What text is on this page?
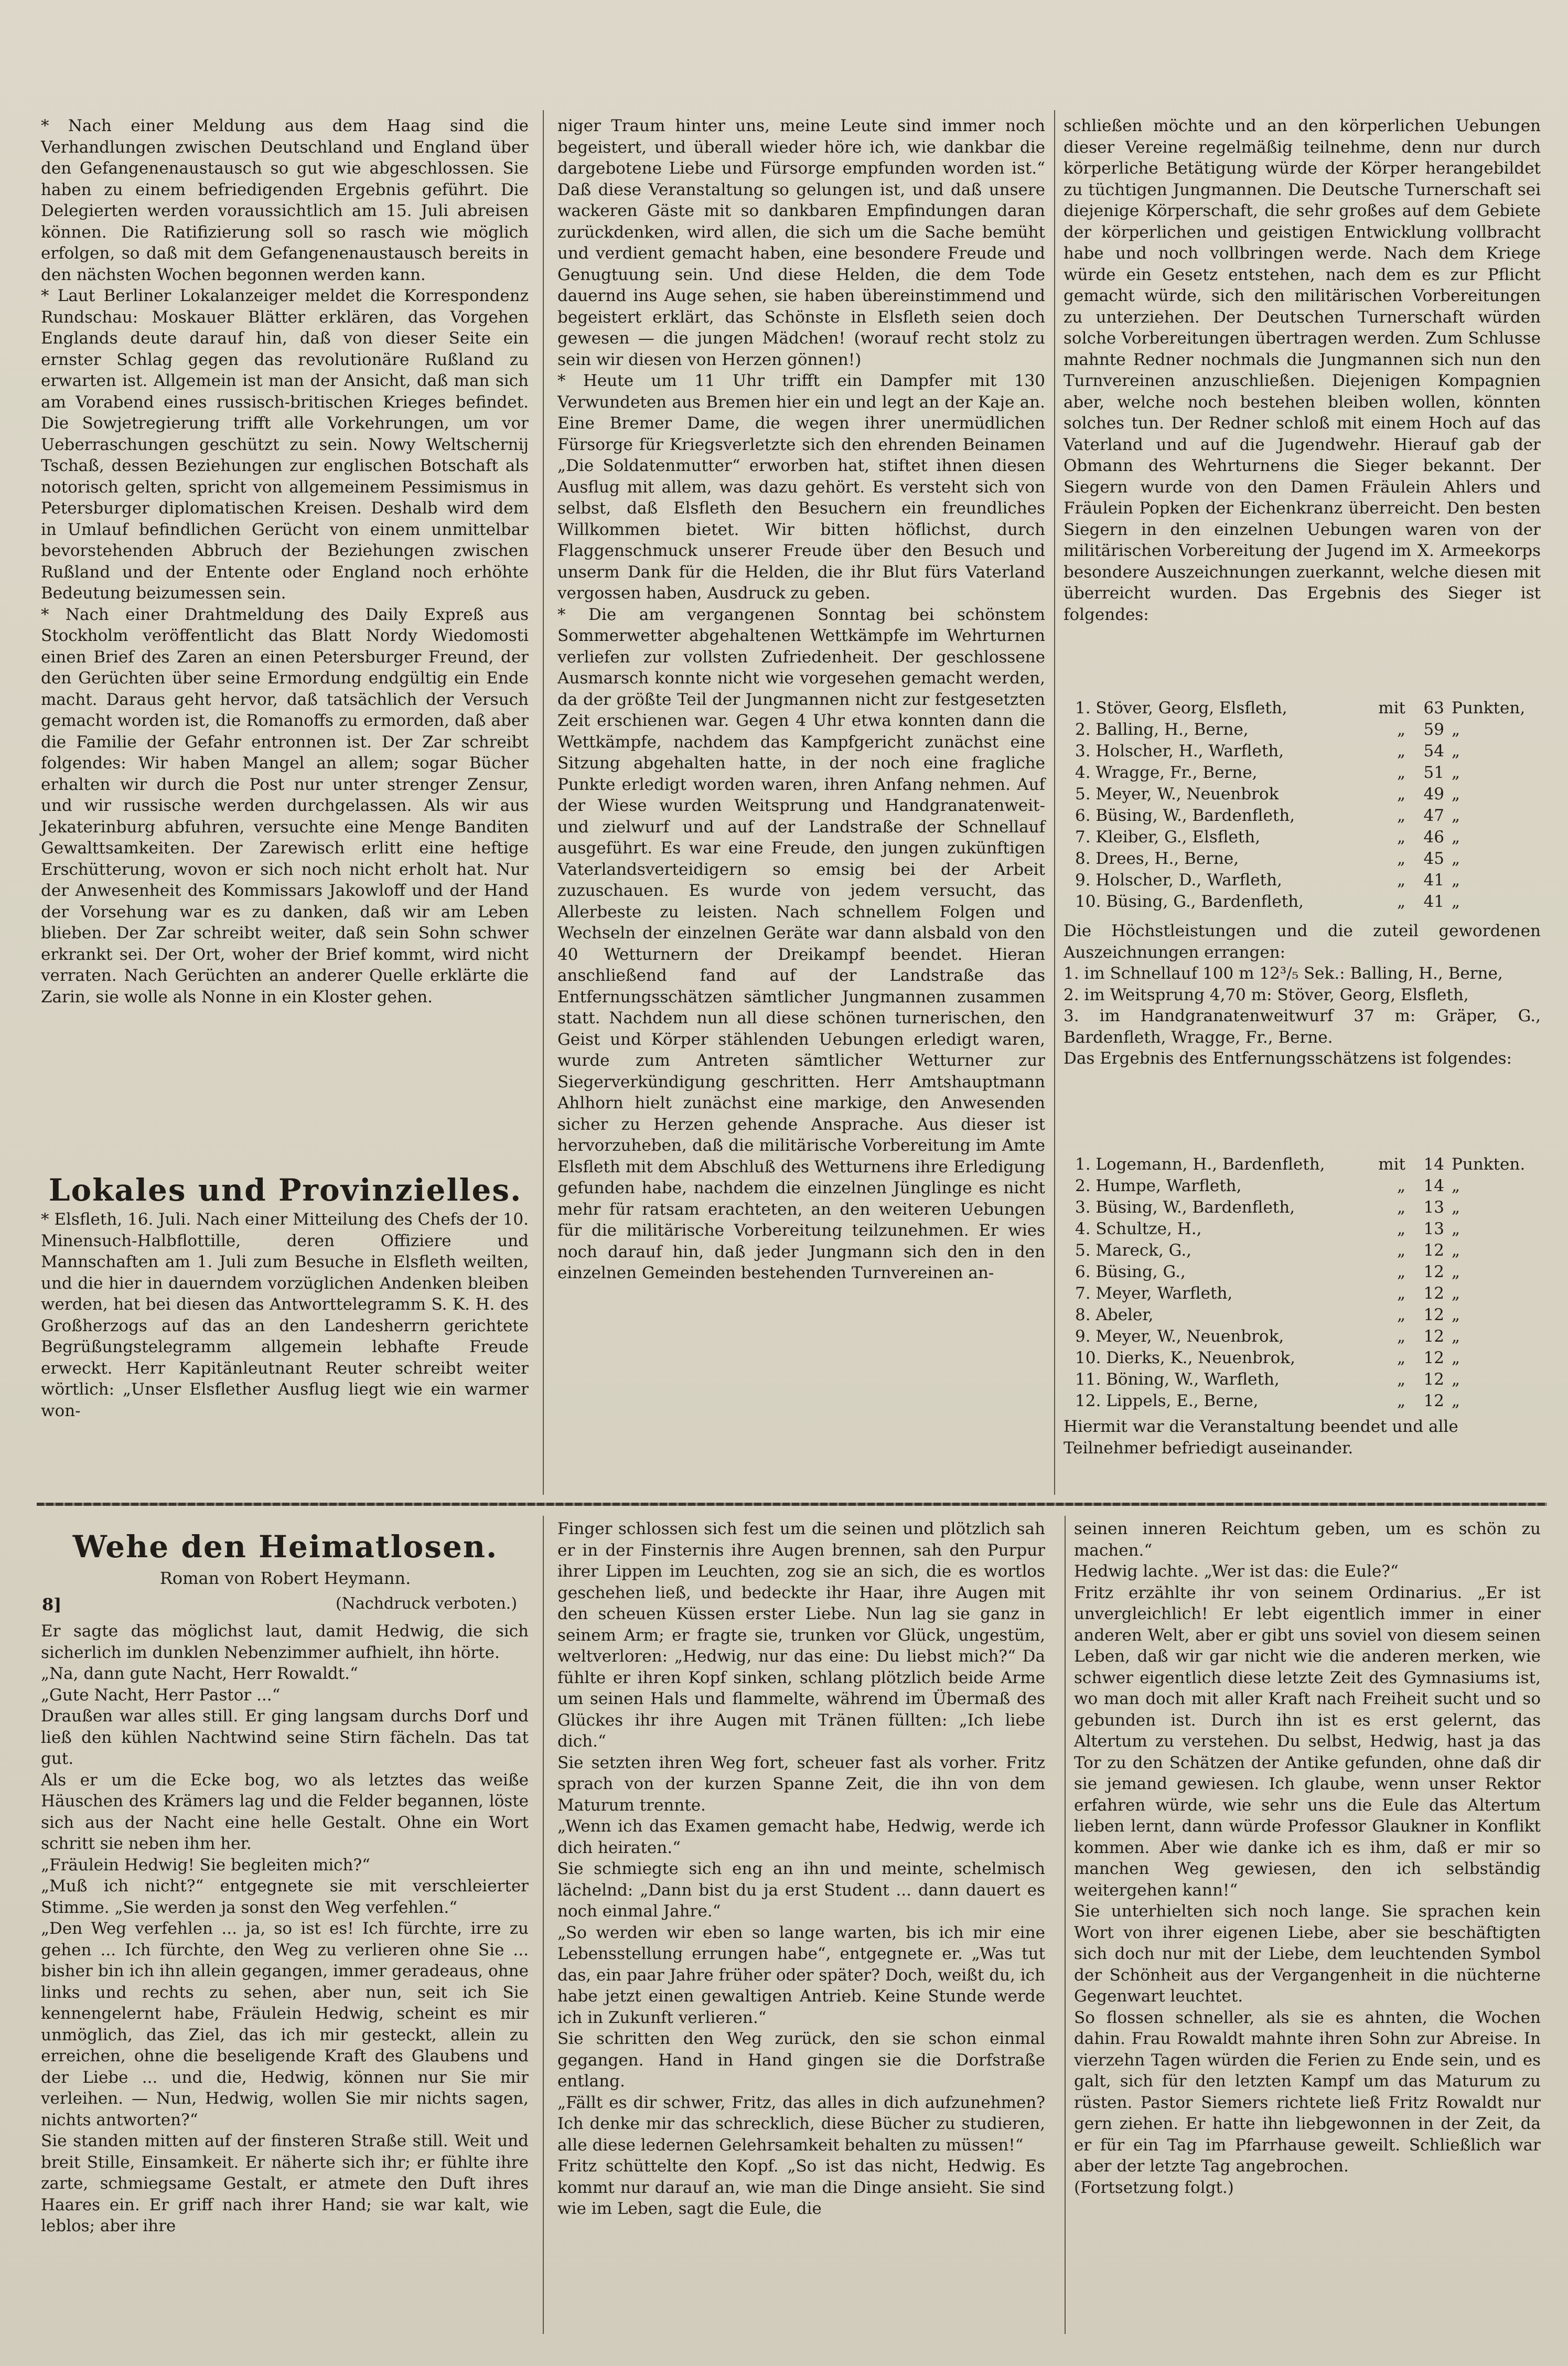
* Nach einer Meldung aus dem Haag sind die Verhandlungen zwischen Deutschland und England über den Gefangenenaustausch so gut wie abgeschlossen. Sie haben zu einem befriedigenden Ergebnis geführt. Die Delegierten werden voraussichtlich am 15. Juli abreisen können. Die Ratifizierung soll so rasch wie möglich erfolgen, so daß mit dem Gefangenenaustausch bereits in den nächsten Wochen begonnen werden kann.

* Laut Berliner Lokalanzeiger meldet die Korrespondenz Rundschau: Moskauer Blätter erklären, das Vorgehen Englands deute darauf hin, daß von dieser Seite ein ernster Schlag gegen das revolutionäre Rußland zu erwarten ist. Allgemein ist man der Ansicht, daß man sich am Vorabend eines russisch-britischen Krieges befindet. Die Sowjetregierung trifft alle Vorkehrungen, um vor Ueberraschungen geschützt zu sein. Nowy Weltschernij Tschaß, dessen Beziehungen zur englischen Botschaft als notorisch gelten, spricht von allgemeinem Pessimismus in Petersburger diplomatischen Kreisen. Deshalb wird dem in Umlauf befindlichen Gerücht von einem unmittelbar bevorstehenden Abbruch der Beziehungen zwischen Rußland und der Entente oder England noch erhöhte Bedeutung beizumessen sein.

* Nach einer Drahtmeldung des Daily Expreß aus Stockholm veröffentlicht das Blatt Nordy Wiedomosti einen Brief des Zaren an einen Petersburger Freund, der den Gerüchten über seine Ermordung endgültig ein Ende macht. Daraus geht hervor, daß tatsächlich der Versuch gemacht worden ist, die Romanoffs zu ermorden, daß aber die Familie der Gefahr entronnen ist. Der Zar schreibt folgendes: Wir haben Mangel an allem; sogar Bücher erhalten wir durch die Post nur unter strenger Zensur, und wir russische werden durchgelassen. Als wir aus Jekaterinburg abfuhren, versuchte eine Menge Banditen Gewalttsamkeiten. Der Zarewisch erlitt eine heftige Erschütterung, wovon er sich noch nicht erholt hat. Nur der Anwesenheit des Kommissars Jakowloff und der Hand der Vorsehung war es zu danken, daß wir am Leben blieben. Der Zar schreibt weiter, daß sein Sohn schwer erkrankt sei. Der Ort, woher der Brief kommt, wird nicht verraten. Nach Gerüchten an anderer Quelle erklärte die Zarin, sie wolle als Nonne in ein Kloster gehen.

Lokales und Provinzielles.

* Elsfleth, 16. Juli. Nach einer Mitteilung des Chefs der 10. Minensuch-Halbflottille, deren Offiziere und Mannschaften am 1. Juli zum Besuche in Elsfleth weilten, und die hier in dauerndem vorzüglichen Andenken bleiben werden, hat bei diesen das Antworttelegramm S. K. H. des Großherzogs auf das an den Landesherrn gerichtete Begrüßungstelegramm allgemein lebhafte Freude erweckt. Herr Kapitänleutnant Reuter schreibt weiter wörtlich: „Unser Elsflether Ausflug liegt wie ein warmer won-

niger Traum hinter uns, meine Leute sind immer noch begeistert, und überall wieder höre ich, wie dankbar die dargebotene Liebe und Fürsorge empfunden worden ist.“ Daß diese Veranstaltung so gelungen ist, und daß unsere wackeren Gäste mit so dankbaren Empfindungen daran zurückdenken, wird allen, die sich um die Sache bemüht und verdient gemacht haben, eine besondere Freude und Genugtuung sein. Und diese Helden, die dem Tode dauernd ins Auge sehen, sie haben übereinstimmend und begeistert erklärt, das Schönste in Elsfleth seien doch gewesen — die jungen Mädchen! (worauf recht stolz zu sein wir diesen von Herzen gönnen!)

* Heute um 11 Uhr trifft ein Dampfer mit 130 Verwundeten aus Bremen hier ein und legt an der Kaje an. Eine Bremer Dame, die wegen ihrer unermüdlichen Fürsorge für Kriegsverletzte sich den ehrenden Beinamen „Die Soldatenmutter“ erworben hat, stiftet ihnen diesen Ausflug mit allem, was dazu gehört. Es versteht sich von selbst, daß Elsfleth den Besuchern ein freundliches Willkommen bietet. Wir bitten höflichst, durch Flaggenschmuck unserer Freude über den Besuch und unserm Dank für die Helden, die ihr Blut fürs Vaterland vergossen haben, Ausdruck zu geben.

* Die am vergangenen Sonntag bei schönstem Sommerwetter abgehaltenen Wettkämpfe im Wehrturnen verliefen zur vollsten Zufriedenheit. Der geschlossene Ausmarsch konnte nicht wie vorgesehen gemacht werden, da der größte Teil der Jungmannen nicht zur festgesetzten Zeit erschienen war. Gegen 4 Uhr etwa konnten dann die Wettkämpfe, nachdem das Kampfgericht zunächst eine Sitzung abgehalten hatte, in der noch eine fragliche Punkte erledigt worden waren, ihren Anfang nehmen. Auf der Wiese wurden Weitsprung und Handgranatenweit- und zielwurf und auf der Landstraße der Schnellauf ausgeführt. Es war eine Freude, den jungen zukünftigen Vaterlandsverteidigern so emsig bei der Arbeit zuzuschauen. Es wurde von jedem versucht, das Allerbeste zu leisten. Nach schnellem Folgen und Wechseln der einzelnen Geräte war dann alsbald von den 40 Wetturnern der Dreikampf beendet. Hieran anschließend fand auf der Landstraße das Entfernungsschätzen sämtlicher Jungmannen zusammen statt. Nachdem nun all diese schönen turnerischen, den Geist und Körper stählenden Uebungen erledigt waren, wurde zum Antreten sämtlicher Wetturner zur Siegerverkündigung geschritten. Herr Amtshauptmann Ahlhorn hielt zunächst eine markige, den Anwesenden sicher zu Herzen gehende Ansprache. Aus dieser ist hervorzuheben, daß die militärische Vorbereitung im Amte Elsfleth mit dem Abschluß des Wetturnens ihre Erledigung gefunden habe, nachdem die einzelnen Jünglinge es nicht mehr für ratsam erachteten, an den weiteren Uebungen für die militärische Vorbereitung teilzunehmen. Er wies noch darauf hin, daß jeder Jungmann sich den in den einzelnen Gemeinden bestehenden Turnvereinen an-

schließen möchte und an den körperlichen Uebungen dieser Vereine regelmäßig teilnehme, denn nur durch körperliche Betätigung würde der Körper herangebildet zu tüchtigen Jungmannen. Die Deutsche Turnerschaft sei diejenige Körperschaft, die sehr großes auf dem Gebiete der körperlichen und geistigen Entwicklung vollbracht habe und noch vollbringen werde. Nach dem Kriege würde ein Gesetz entstehen, nach dem es zur Pflicht gemacht würde, sich den militärischen Vorbereitungen zu unterziehen. Der Deutschen Turnerschaft würden solche Vorbereitungen übertragen werden. Zum Schlusse mahnte Redner nochmals die Jungmannen sich nun den Turnvereinen anzuschließen. Diejenigen Kompagnien aber, welche noch bestehen bleiben wollen, könnten solches tun. Der Redner schloß mit einem Hoch auf das Vaterland und auf die Jugendwehr. Hierauf gab der Obmann des Wehrturnens die Sieger bekannt. Der Siegern wurde von den Damen Fräulein Ahlers und Fräulein Popken der Eichenkranz überreicht. Den besten Siegern in den einzelnen Uebungen waren von der militärischen Vorbereitung der Jugend im X. Armeekorps besondere Auszeichnungen zuerkannt, welche diesen mit überreicht wurden. Das Ergebnis des Sieger ist folgendes:

1. Stöver, Georg, Elsfleth,	mit	63 Punkten,
2. Balling, H., Berne,	„	59 „
3. Holscher, H., Warfleth,	„	54 „
4. Wragge, Fr., Berne,	„	51 „
5. Meyer, W., Neuenbrok	„	49 „
6. Büsing, W., Bardenfleth,	„	47 „
7. Kleiber, G., Elsfleth,	„	46 „
8. Drees, H., Berne,	„	45 „
9. Holscher, D., Warfleth,	„	41 „
10. Büsing, G., Bardenfleth,	„	41 „

Die Höchstleistungen und die zuteil gewordenen Auszeichnungen errangen:

1. im Schnellauf 100 m 12³/₅ Sek.: Balling, H., Berne,

2. im Weitsprung 4,70 m: Stöver, Georg, Elsfleth,

3. im Handgranatenweitwurf 37 m: Gräper, G., Bardenfleth, Wragge, Fr., Berne.

Das Ergebnis des Entfernungsschätzens ist folgendes:

1. Logemann, H., Bardenfleth,	mit	14 Punkten.
2. Humpe, Warfleth,	„	14 „
3. Büsing, W., Bardenfleth,	„	13 „
4. Schultze, H.,	„	13 „
5. Mareck, G.,	„	12 „
6. Büsing, G.,	„	12 „
7. Meyer, Warfleth,	„	12 „
8. Abeler,	„	12 „
9. Meyer, W., Neuenbrok,	„	12 „
10. Dierks, K., Neuenbrok,	„	12 „
11. Böning, W., Warfleth,	„	12 „
12. Lippels, E., Berne,	„	12 „
Hiermit war die Veranstaltung beendet und alle Teilnehmer befriedigt auseinander.
Wehe den Heimatlosen.
Roman von Robert Heymann.
8]	(Nachdruck verboten.)

Er sagte das möglichst laut, damit Hedwig, die sich sicherlich im dunklen Nebenzimmer aufhielt, ihn hörte.

„Na, dann gute Nacht, Herr Rowaldt.“

„Gute Nacht, Herr Pastor ...“

Draußen war alles still. Er ging langsam durchs Dorf und ließ den kühlen Nachtwind seine Stirn fächeln. Das tat gut.

Als er um die Ecke bog, wo als letztes das weiße Häuschen des Krämers lag und die Felder begannen, löste sich aus der Nacht eine helle Gestalt. Ohne ein Wort schritt sie neben ihm her.

„Fräulein Hedwig! Sie begleiten mich?“

„Muß ich nicht?“ entgegnete sie mit verschleierter Stimme. „Sie werden ja sonst den Weg verfehlen.“

„Den Weg verfehlen ... ja, so ist es! Ich fürchte, irre zu gehen ... Ich fürchte, den Weg zu verlieren ohne Sie ... bisher bin ich ihn allein gegangen, immer geradeaus, ohne links und rechts zu sehen, aber nun, seit ich Sie kennengelernt habe, Fräulein Hedwig, scheint es mir unmöglich, das Ziel, das ich mir gesteckt, allein zu erreichen, ohne die beseligende Kraft des Glaubens und der Liebe ... und die, Hedwig, können nur Sie mir verleihen. — Nun, Hedwig, wollen Sie mir nichts sagen, nichts antworten?“

Sie standen mitten auf der finsteren Straße still. Weit und breit Stille, Einsamkeit. Er näherte sich ihr; er fühlte ihre zarte, schmiegsame Gestalt, er atmete den Duft ihres Haares ein. Er griff nach ihrer Hand; sie war kalt, wie leblos; aber ihre

Finger schlossen sich fest um die seinen und plötzlich sah er in der Finsternis ihre Augen brennen, sah den Purpur ihrer Lippen im Leuchten, zog sie an sich, die es wortlos geschehen ließ, und bedeckte ihr Haar, ihre Augen mit den scheuen Küssen erster Liebe. Nun lag sie ganz in seinem Arm; er fragte sie, trunken vor Glück, ungestüm, weltverloren: „Hedwig, nur das eine: Du liebst mich?“ Da fühlte er ihren Kopf sinken, schlang plötzlich beide Arme um seinen Hals und flammelte, während im Übermaß des Glückes ihr ihre Augen mit Tränen füllten: „Ich liebe dich.“

Sie setzten ihren Weg fort, scheuer fast als vorher. Fritz sprach von der kurzen Spanne Zeit, die ihn von dem Maturum trennte.

„Wenn ich das Examen gemacht habe, Hedwig, werde ich dich heiraten.“

Sie schmiegte sich eng an ihn und meinte, schelmisch lächelnd: „Dann bist du ja erst Student ... dann dauert es noch einmal Jahre.“

„So werden wir eben so lange warten, bis ich mir eine Lebensstellung errungen habe“, entgegnete er. „Was tut das, ein paar Jahre früher oder später? Doch, weißt du, ich habe jetzt einen gewaltigen Antrieb. Keine Stunde werde ich in Zukunft verlieren.“

Sie schritten den Weg zurück, den sie schon einmal gegangen. Hand in Hand gingen sie die Dorfstraße entlang.

„Fällt es dir schwer, Fritz, das alles in dich aufzunehmen? Ich denke mir das schrecklich, diese Bücher zu studieren, alle diese ledernen Gelehrsamkeit behalten zu müssen!“

Fritz schüttelte den Kopf. „So ist das nicht, Hedwig. Es kommt nur darauf an, wie man die Dinge ansieht. Sie sind wie im Leben, sagt die Eule, die

seinen inneren Reichtum geben, um es schön zu machen.“

Hedwig lachte. „Wer ist das: die Eule?“

Fritz erzählte ihr von seinem Ordinarius. „Er ist unvergleichlich! Er lebt eigentlich immer in einer anderen Welt, aber er gibt uns soviel von diesem seinen Leben, daß wir gar nicht wie die anderen merken, wie schwer eigentlich diese letzte Zeit des Gymnasiums ist, wo man doch mit aller Kraft nach Freiheit sucht und so gebunden ist. Durch ihn ist es erst gelernt, das Altertum zu verstehen. Du selbst, Hedwig, hast ja das Tor zu den Schätzen der Antike gefunden, ohne daß dir sie jemand gewiesen. Ich glaube, wenn unser Rektor erfahren würde, wie sehr uns die Eule das Altertum lieben lernt, dann würde Professor Glaukner in Konflikt kommen. Aber wie danke ich es ihm, daß er mir so manchen Weg gewiesen, den ich selbständig weitergehen kann!“

Sie unterhielten sich noch lange. Sie sprachen kein Wort von ihrer eigenen Liebe, aber sie beschäftigten sich doch nur mit der Liebe, dem leuchtenden Symbol der Schönheit aus der Vergangenheit in die nüchterne Gegenwart leuchtet.

So flossen schneller, als sie es ahnten, die Wochen dahin. Frau Rowaldt mahnte ihren Sohn zur Abreise. In vierzehn Tagen würden die Ferien zu Ende sein, und es galt, sich für den letzten Kampf um das Maturum zu rüsten. Pastor Siemers richtete ließ Fritz Rowaldt nur gern ziehen. Er hatte ihn liebgewonnen in der Zeit, da er für ein Tag im Pfarrhause geweilt. Schließlich war aber der letzte Tag angebrochen.

(Fortsetzung folgt.)
